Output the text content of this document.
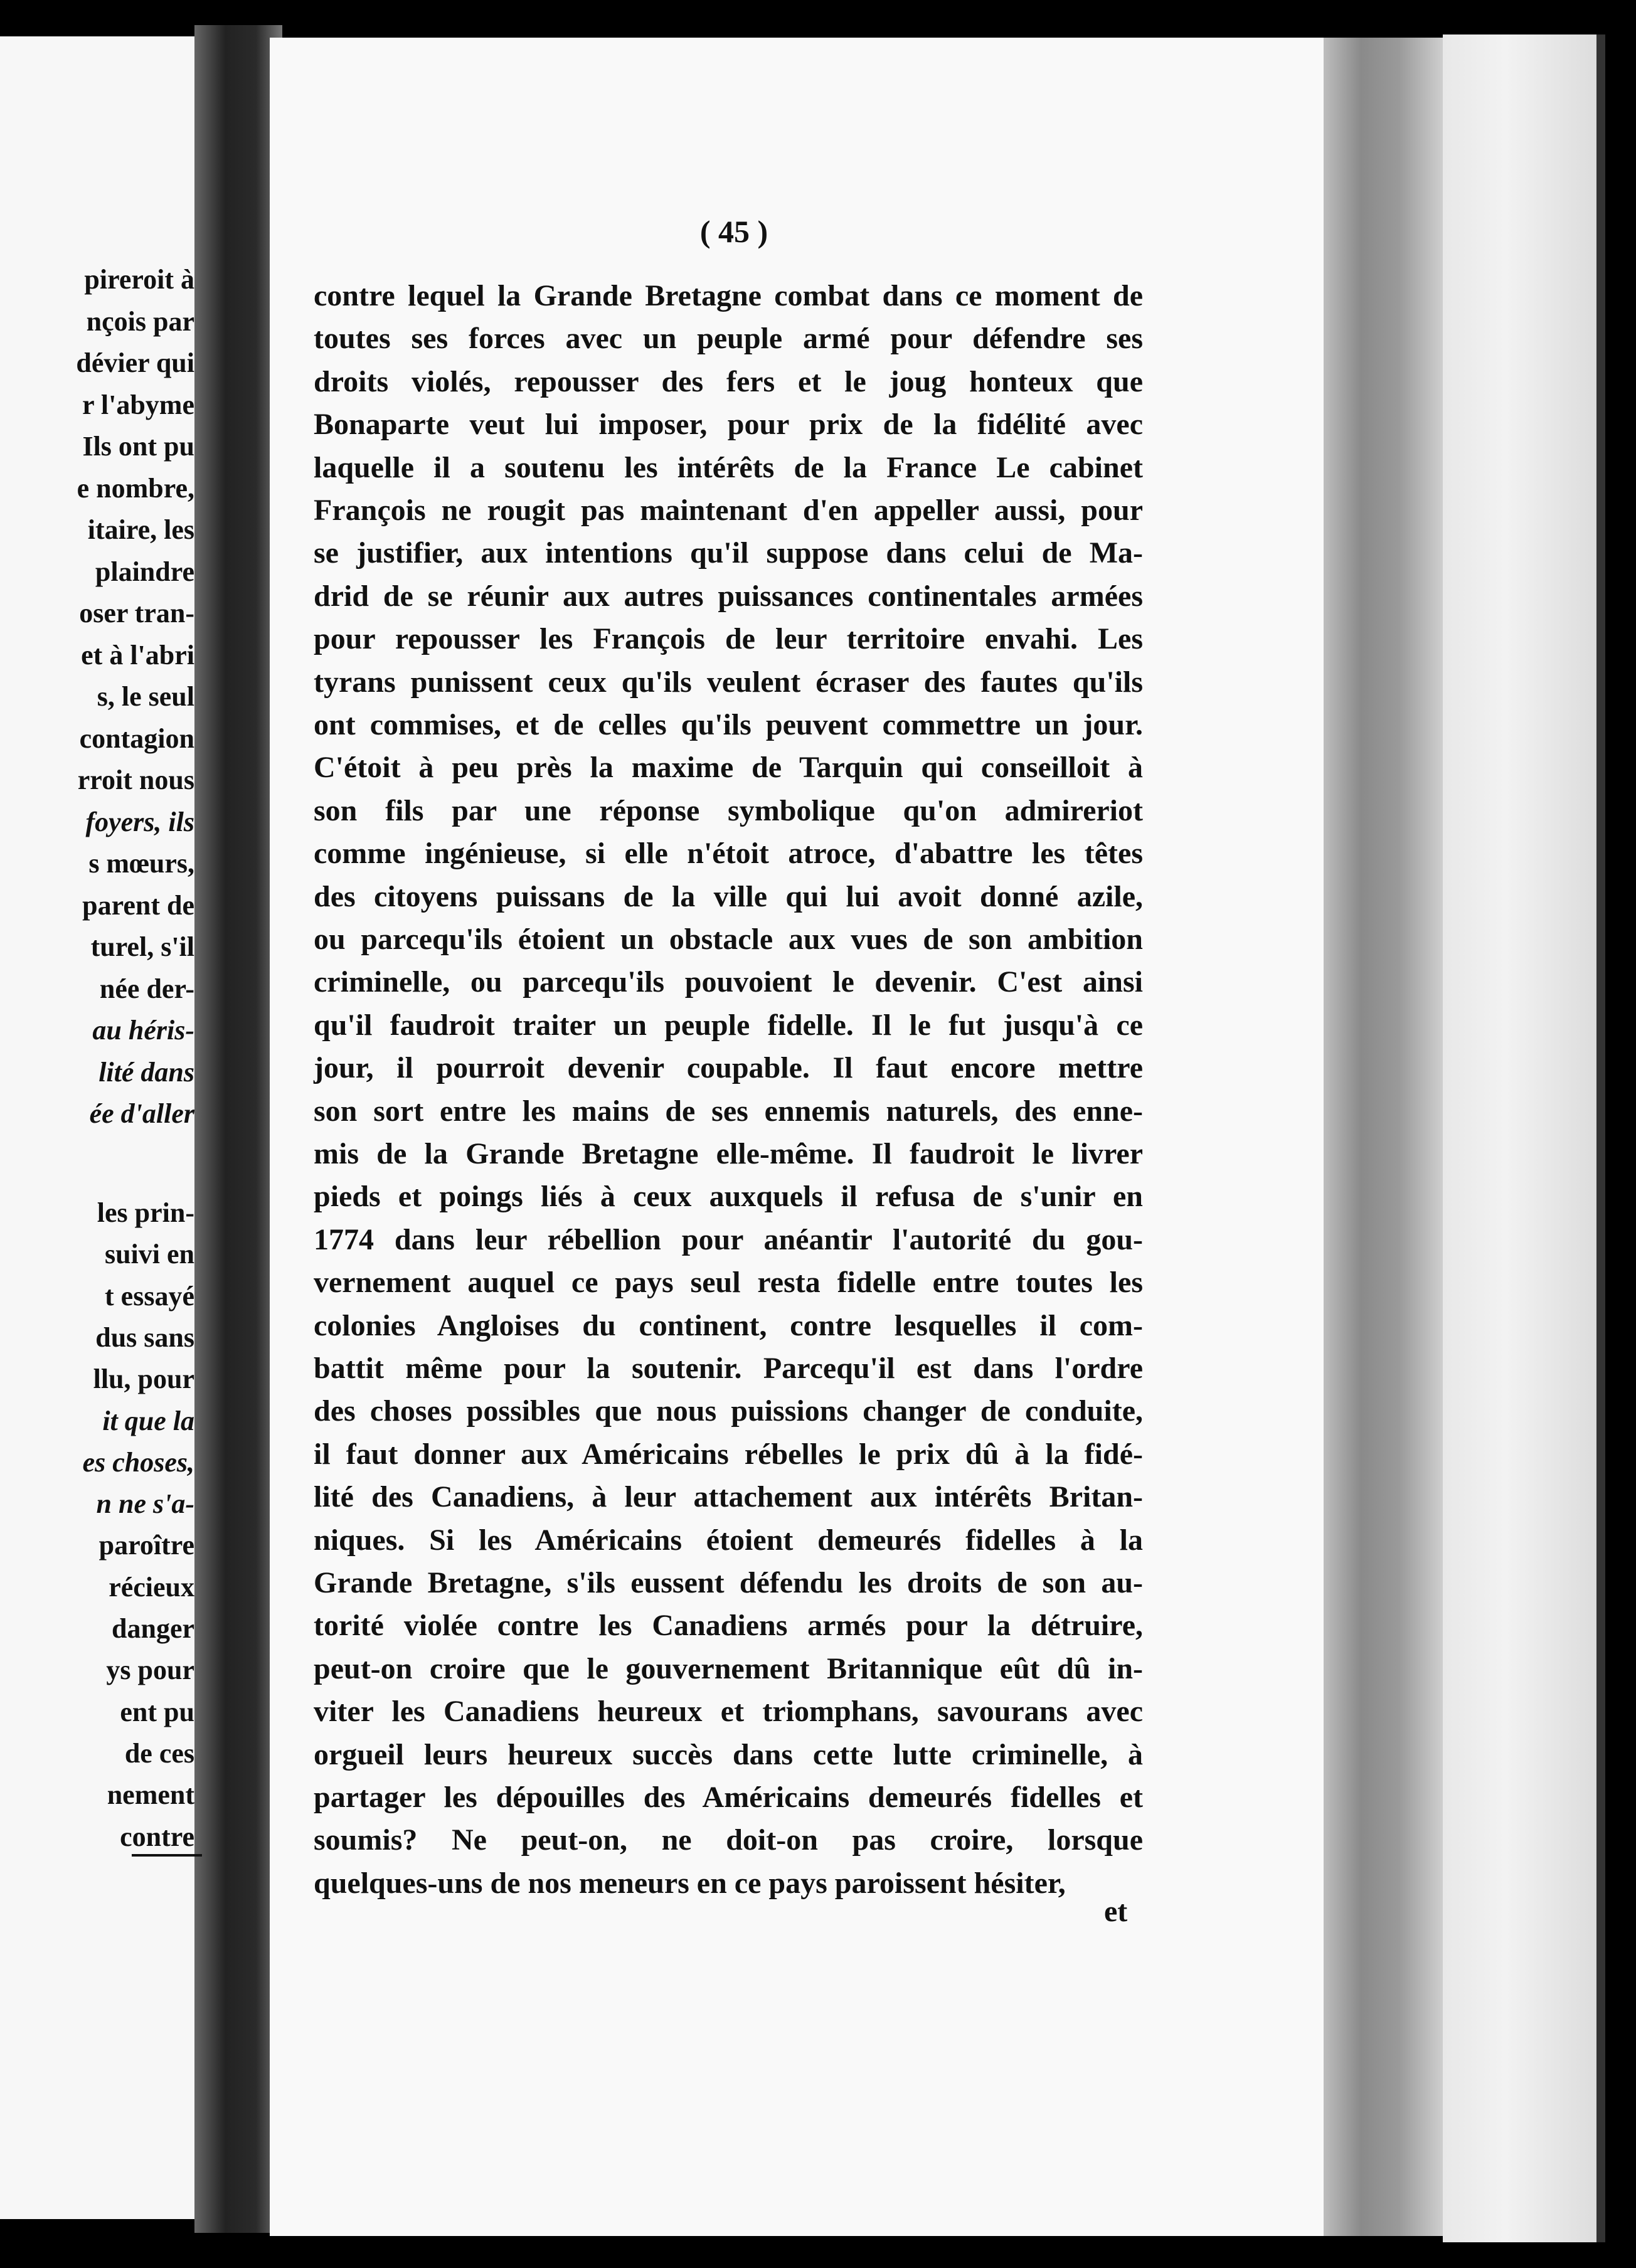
pireroit à
nçois par
dévier qui
r l'abyme
Ils ont pu
e nombre,
itaire, les
plaindre
oser tran-
et à l'abri
s, le seul
contagion
rroit nous
foyers, ils
s mœurs,
parent de
turel, s'il
née der-
au héris-
lité dans
ée d'aller
les prin-
suivi en
t essayé
dus sans
llu, pour
it que la
es choses,
n ne s'a-
paroître
récieux
danger
ys pour
ent pu
de ces
nement
contre
( 45 )
contre lequel la Grande Bretagne combat dans ce moment de
toutes ses forces avec un peuple armé pour défendre ses
droits violés, repousser des fers et le joug honteux que
Bonaparte veut lui imposer, pour prix de la fidélité avec
laquelle il a soutenu les intérêts de la France Le cabinet
François ne rougit pas maintenant d'en appeller aussi, pour
se justifier, aux intentions qu'il suppose dans celui de Ma-
drid de se réunir aux autres puissances continentales armées
pour repousser les François de leur territoire envahi. Les
tyrans punissent ceux qu'ils veulent écraser des fautes qu'ils
ont commises, et de celles qu'ils peuvent commettre un jour.
C'étoit à peu près la maxime de Tarquin qui conseilloit à
son fils par une réponse symbolique qu'on admireriot
comme ingénieuse, si elle n'étoit atroce, d'abattre les têtes
des citoyens puissans de la ville qui lui avoit donné azile,
ou parcequ'ils étoient un obstacle aux vues de son ambition
criminelle, ou parcequ'ils pouvoient le devenir. C'est ainsi
qu'il faudroit traiter un peuple fidelle. Il le fut jusqu'à ce
jour, il pourroit devenir coupable. Il faut encore mettre
son sort entre les mains de ses ennemis naturels, des enne-
mis de la Grande Bretagne elle-même. Il faudroit le livrer
pieds et poings liés à ceux auxquels il refusa de s'unir en
1774 dans leur rébellion pour anéantir l'autorité du gou-
vernement auquel ce pays seul resta fidelle entre toutes les
colonies Angloises du continent, contre lesquelles il com-
battit même pour la soutenir. Parcequ'il est dans l'ordre
des choses possibles que nous puissions changer de conduite,
il faut donner aux Américains rébelles le prix dû à la fidé-
lité des Canadiens, à leur attachement aux intérêts Britan-
niques. Si les Américains étoient demeurés fidelles à la
Grande Bretagne, s'ils eussent défendu les droits de son au-
torité violée contre les Canadiens armés pour la détruire,
peut-on croire que le gouvernement Britannique eût dû in-
viter les Canadiens heureux et triomphans, savourans avec
orgueil leurs heureux succès dans cette lutte criminelle, à
partager les dépouilles des Américains demeurés fidelles et
soumis? Ne peut-on, ne doit-on pas croire, lorsque
quelques-uns de nos meneurs en ce pays paroissent hésiter,
et
